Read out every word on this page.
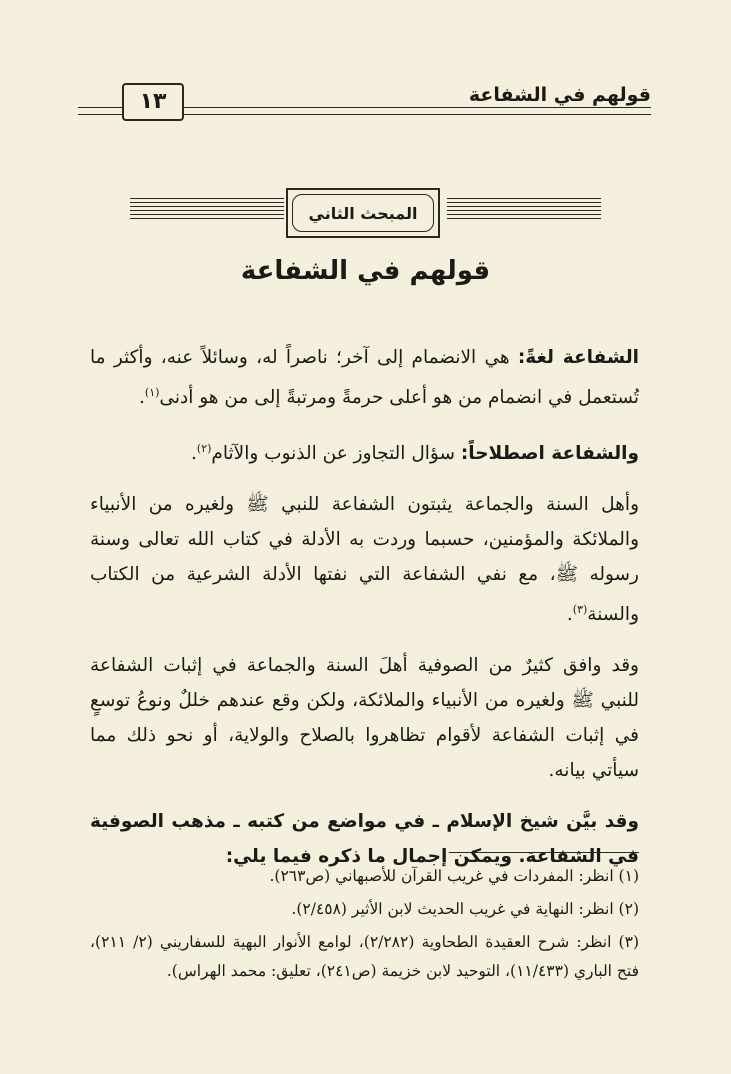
قولهم في الشفاعة
١٣
المبحث الثاني
قولهم في الشفاعة

الشفاعة لغةً: هي الانضمام إلى آخر؛ ناصراً له، وسائلاً عنه، وأكثر ما تُستعمل في انضمام من هو أعلى حرمةً ومرتبةً إلى من هو أدنى$^{(١)}$.

والشفاعة اصطلاحاً: سؤال التجاوز عن الذنوب والآثام$^{(٢)}$.

وأهل السنة والجماعة يثبتون الشفاعة للنبي ﷺ ولغيره من الأنبياء والملائكة والمؤمنين، حسبما وردت به الأدلة في كتاب الله تعالى وسنة رسوله ﷺ، مع نفي الشفاعة التي نفتها الأدلة الشرعية من الكتاب والسنة$^{(٣)}$.

وقد وافق كثيرٌ من الصوفية أهلَ السنة والجماعة في إثبات الشفاعة للنبي ﷺ ولغيره من الأنبياء والملائكة، ولكن وقع عندهم خللٌ ونوعُ توسعٍ في إثبات الشفاعة لأقوام تظاهروا بالصلاح والولاية، أو نحو ذلك مما سيأتي بيانه.

وقد بيَّن شيخ الإسلام ـ في مواضع من كتبه ـ مذهب الصوفية في الشفاعة. ويمكن إجمال ما ذكره فيما يلي:

(١) انظر: المفردات في غريب القرآن للأصبهاني (ص٢٦٣).
(٢) انظر: النهاية في غريب الحديث لابن الأثير (٢/٤٥٨).
(٣) انظر: شرح العقيدة الطحاوية (٢/٢٨٢)، لوامع الأنوار البهية للسفاريني (٢/ ٢١١)، فتح الباري (١١/٤٣٣)، التوحيد لابن خزيمة (ص٢٤١)، تعليق: محمد الهراس).
